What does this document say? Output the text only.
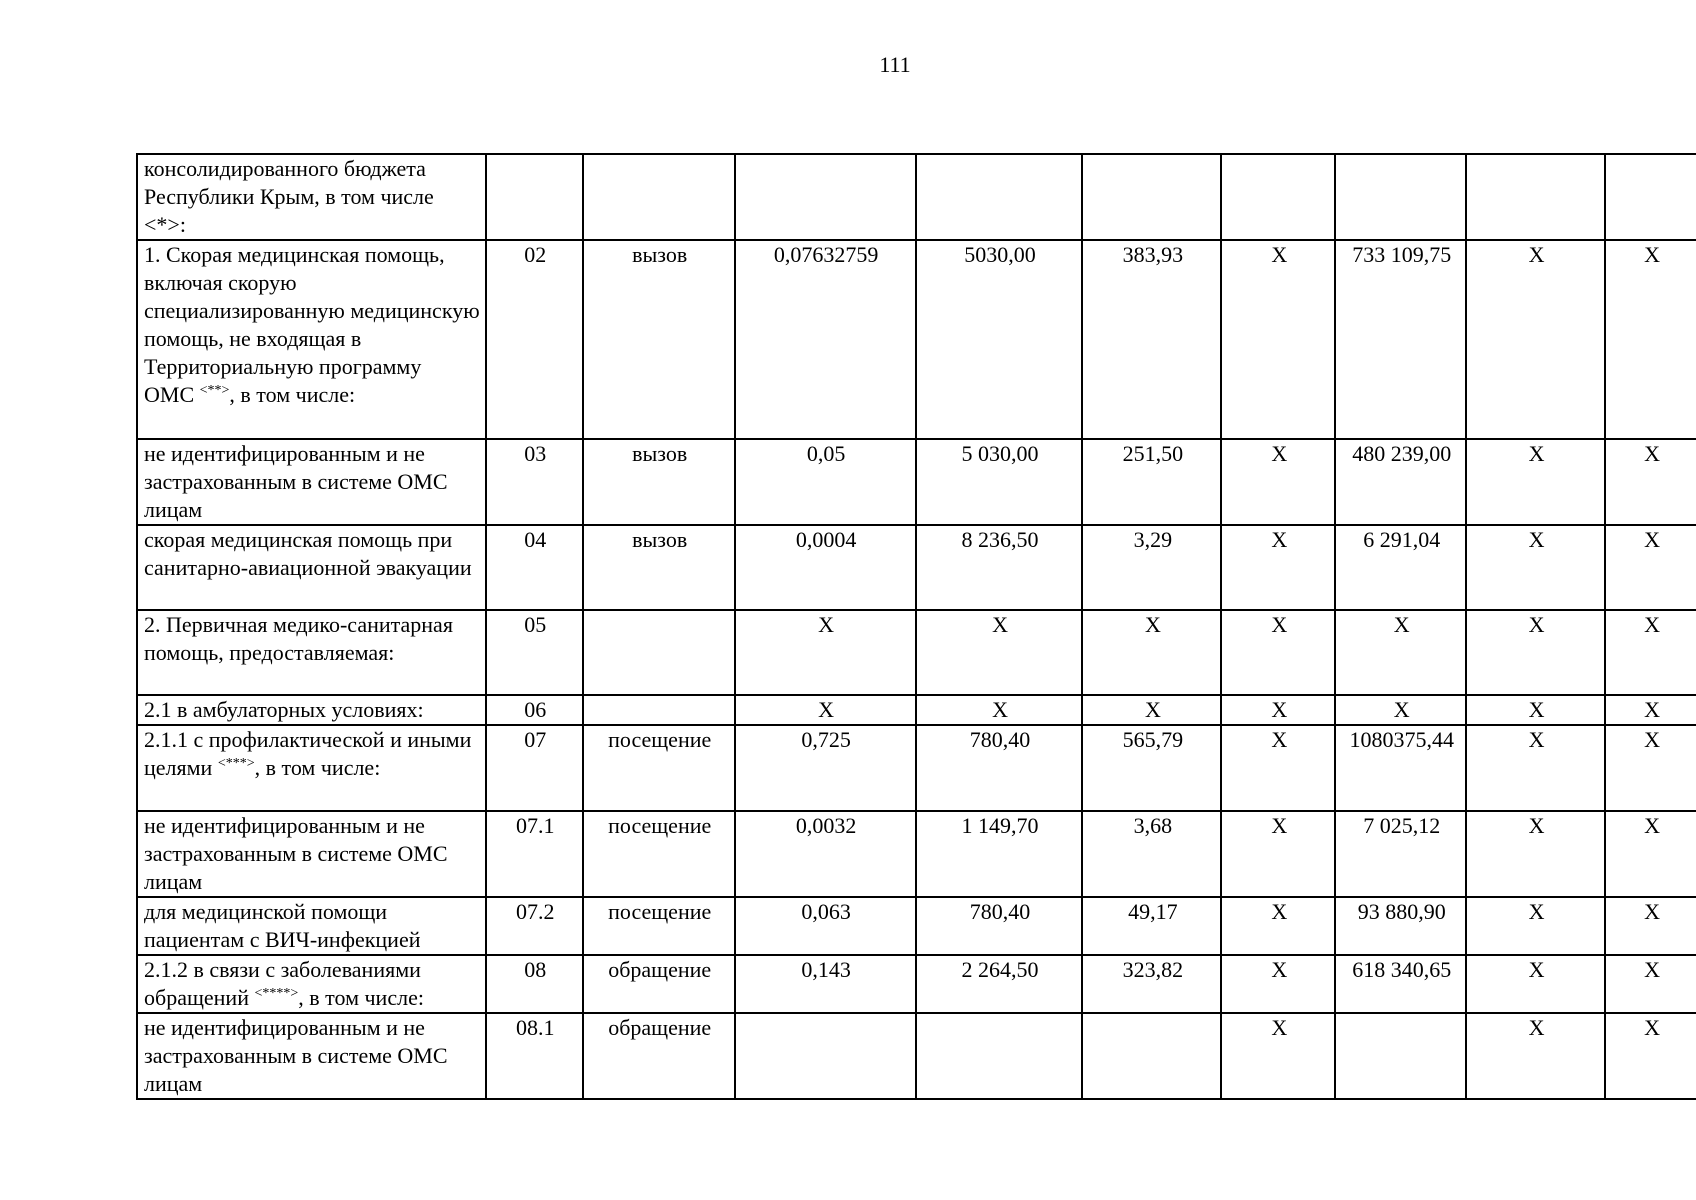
111
консолидированного бюджета Республики Крым, в том числе <*>:									
1. Скорая медицинская помощь, включая скорую специализированную медицинскую помощь, не входящая в Территориальную программу ОМС <**>, в том числе:	02	вызов	0,07632759	5030,00	383,93	X	733 109,75	X	X
не идентифицированным и не застрахованным в системе ОМС лицам	03	вызов	0,05	5 030,00	251,50	X	480 239,00	X	X
скорая медицинская помощь при санитарно-авиационной эвакуации	04	вызов	0,0004	8 236,50	3,29	X	6 291,04	X	X
2. Первичная медико-санитарная помощь, предоставляемая:	05		X	X	X	X	X	X	X
2.1 в амбулаторных условиях:	06		X	X	X	X	X	X	X
2.1.1 с профилактической и иными целями <***>, в том числе:	07	посещение	0,725	780,40	565,79	X	1080375,44	X	X
не идентифицированным и не застрахованным в системе ОМС лицам	07.1	посещение	0,0032	1 149,70	3,68	X	7 025,12	X	X
для медицинской помощи пациентам с ВИЧ-инфекцией	07.2	посещение	0,063	780,40	49,17	X	93 880,90	X	X
2.1.2 в связи с заболеваниями обращений <****>, в том числе:	08	обращение	0,143	2 264,50	323,82	X	618 340,65	X	X
не идентифицированным и не застрахованным в системе ОМС лицам	08.1	обращение				X		X	X
